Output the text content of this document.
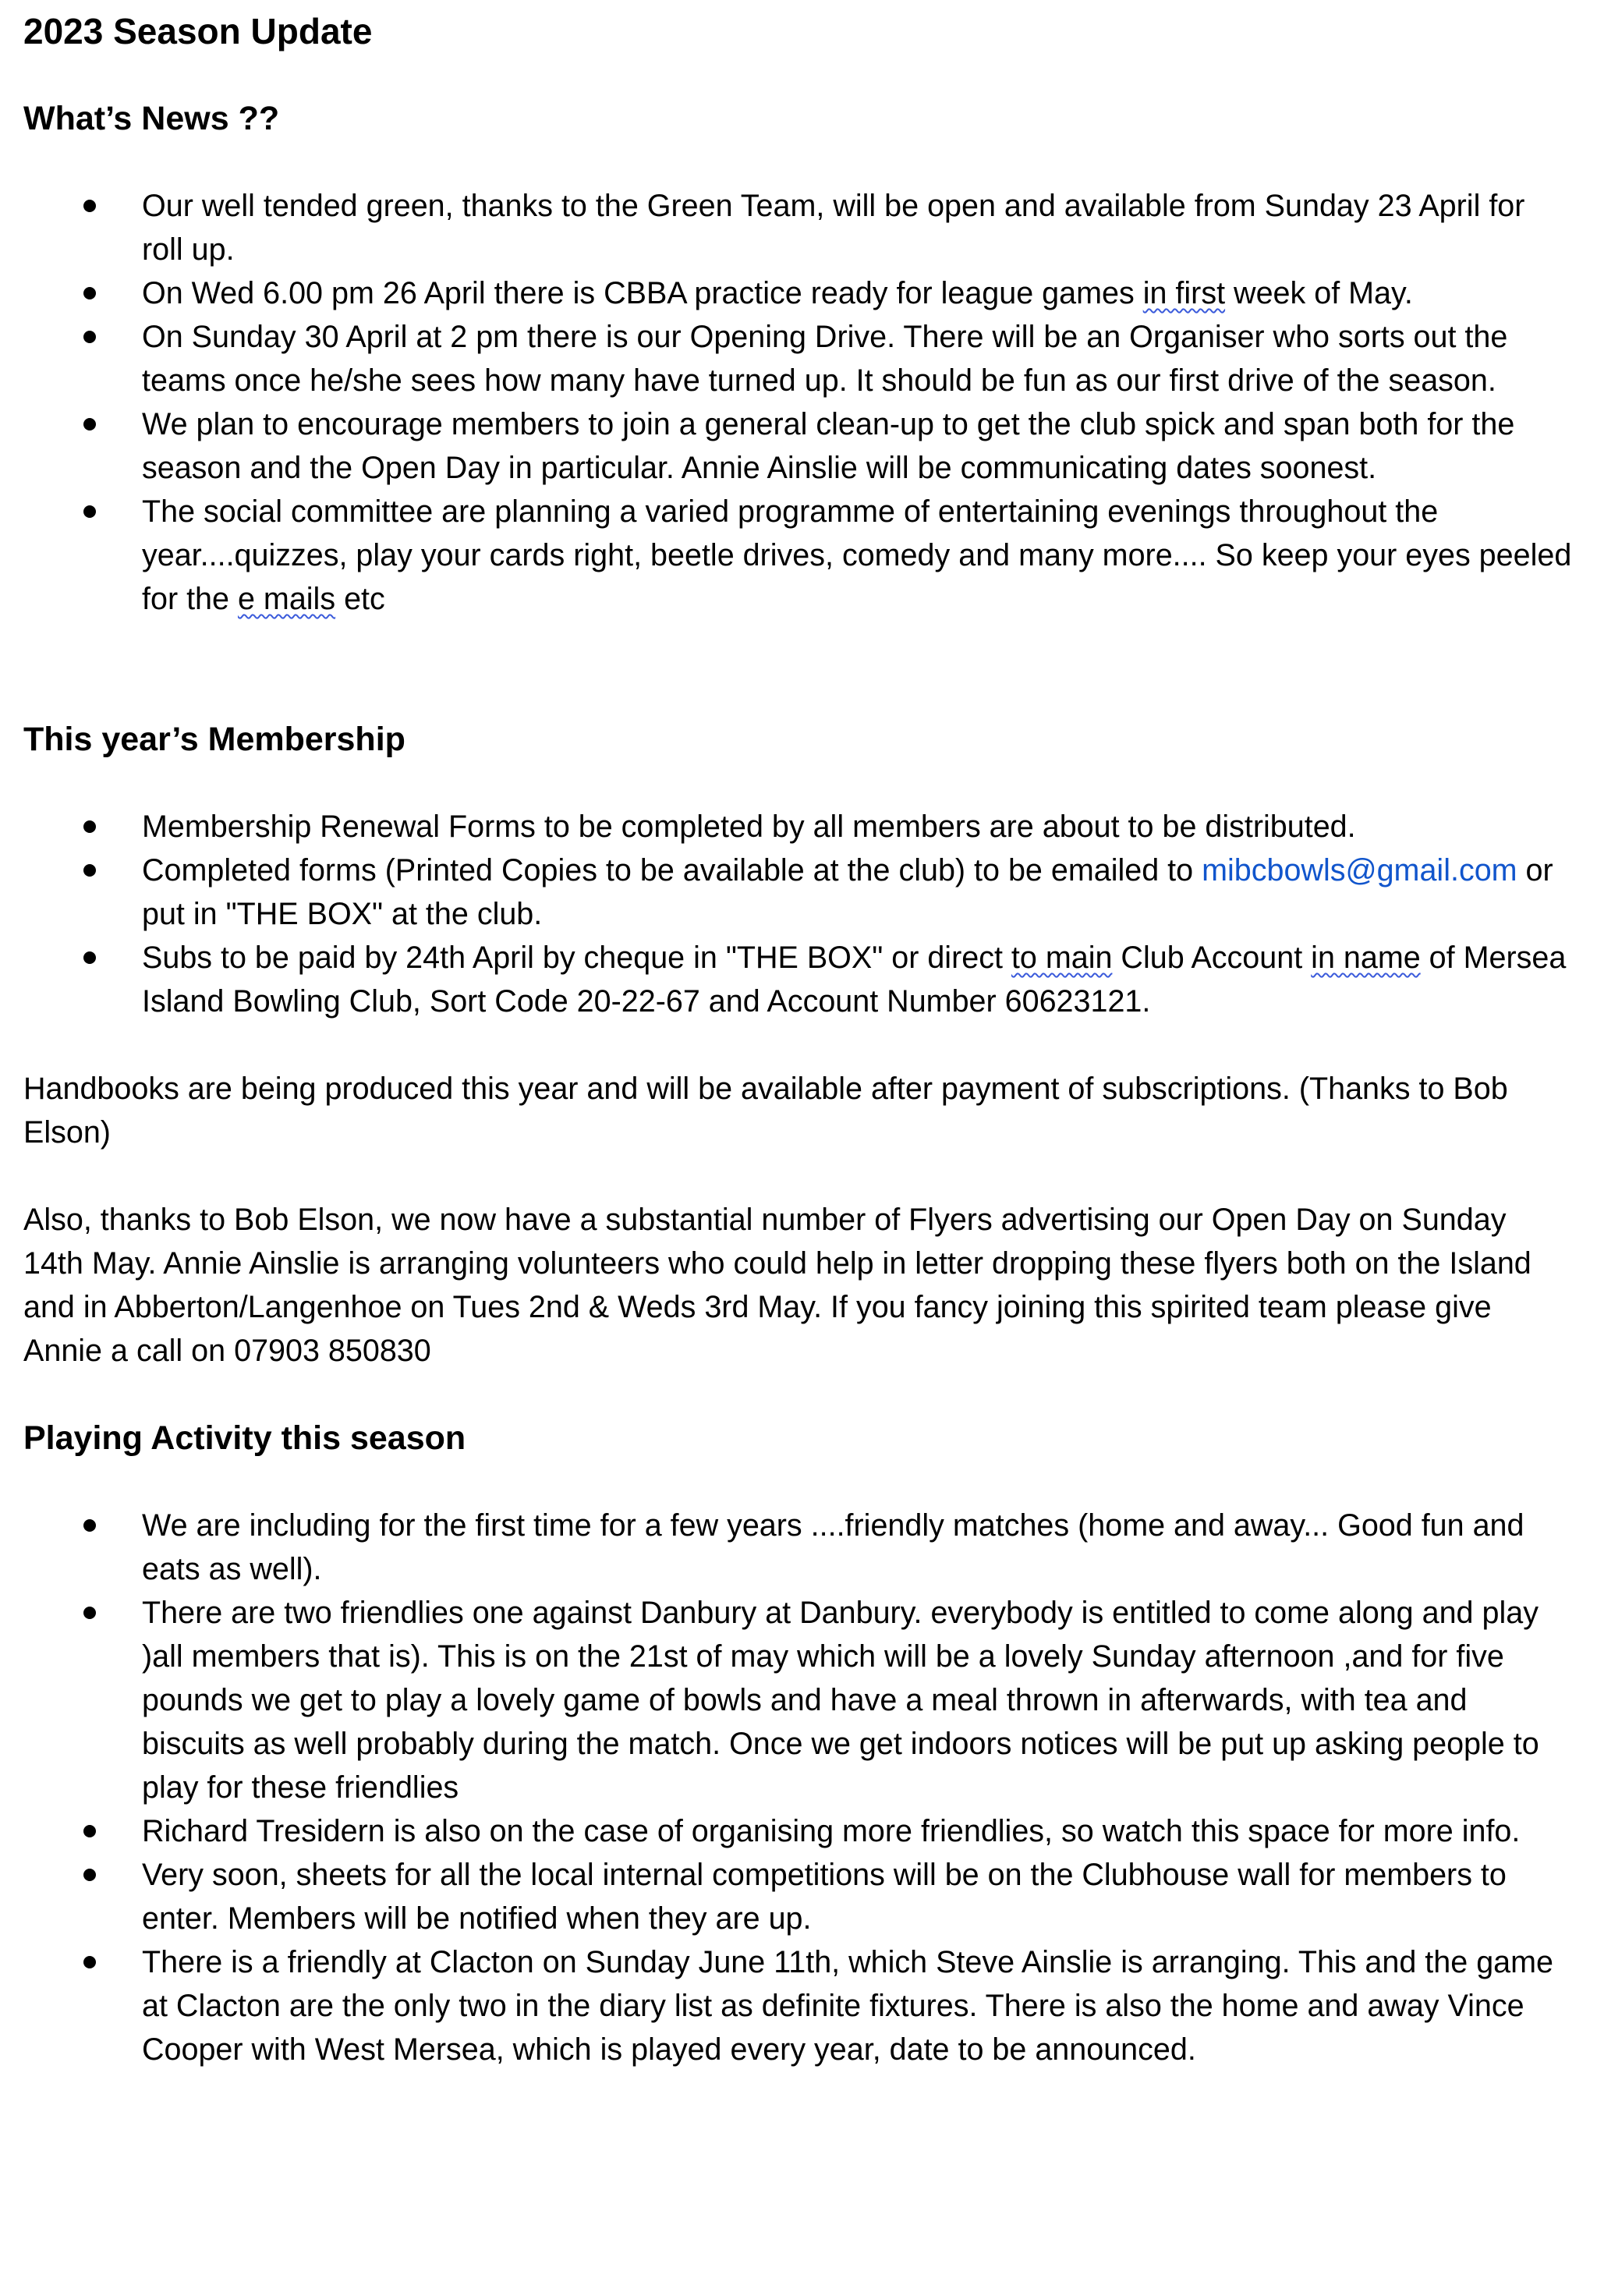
2023 Season Update
What’s News ??
Our well tended green, thanks to the Green Team, will be open and available from Sunday 23 April for roll up.
On Wed 6.00 pm 26 April there is CBBA practice ready for league games in first week of May.
On Sunday 30 April at 2 pm there is our Opening Drive. There will be an Organiser who sorts out the teams once he/she sees how many have turned up. It should be fun as our first drive of the season.
We plan to encourage members to join a general clean-up to get the club spick and span both for the season and the Open Day in particular. Annie Ainslie will be communicating dates soonest.
The social committee are planning a varied programme of entertaining evenings throughout the year....quizzes, play your cards right, beetle drives, comedy and many more.... So keep your eyes peeled for the e mails etc
This year’s Membership
Membership Renewal Forms to be completed by all members are about to be distributed.
Completed forms (Printed Copies to be available at the club) to be emailed to mibcbowls@gmail.com or put in "THE BOX" at the club.
Subs to be paid by 24th April by cheque in "THE BOX" or direct to main Club Account in name of Mersea Island Bowling Club, Sort Code 20-22-67 and Account Number 60623121.

Handbooks are being produced this year and will be available after payment of subscriptions. (Thanks to Bob Elson)

Also, thanks to Bob Elson, we now have a substantial number of Flyers advertising our Open Day on Sunday 14th May. Annie Ainslie is arranging volunteers who could help in letter dropping these flyers both on the Island and in Abberton/Langenhoe on Tues 2nd & Weds 3rd May. If you fancy joining this spirited team please give Annie a call on 07903 850830

Playing Activity this season
We are including for the first time for a few years ....friendly matches (home and away... Good fun and eats as well).
There are two friendlies one against Danbury at Danbury. everybody is entitled to come along and play )all members that is). This is on the 21st of may which will be a lovely Sunday afternoon ,and for five pounds we get to play a lovely game of bowls and have a meal thrown in afterwards, with tea and biscuits as well probably during the match. Once we get indoors notices will be put up asking people to play for these friendlies
Richard Tresidern is also on the case of organising more friendlies, so watch this space for more info.
Very soon, sheets for all the local internal competitions will be on the Clubhouse wall for members to enter. Members will be notified when they are up.
There is a friendly at Clacton on Sunday June 11th, which Steve Ainslie is arranging. This and the game at Clacton are the only two in the diary list as definite fixtures. There is also the home and away Vince Cooper with West Mersea, which is played every year, date to be announced.
